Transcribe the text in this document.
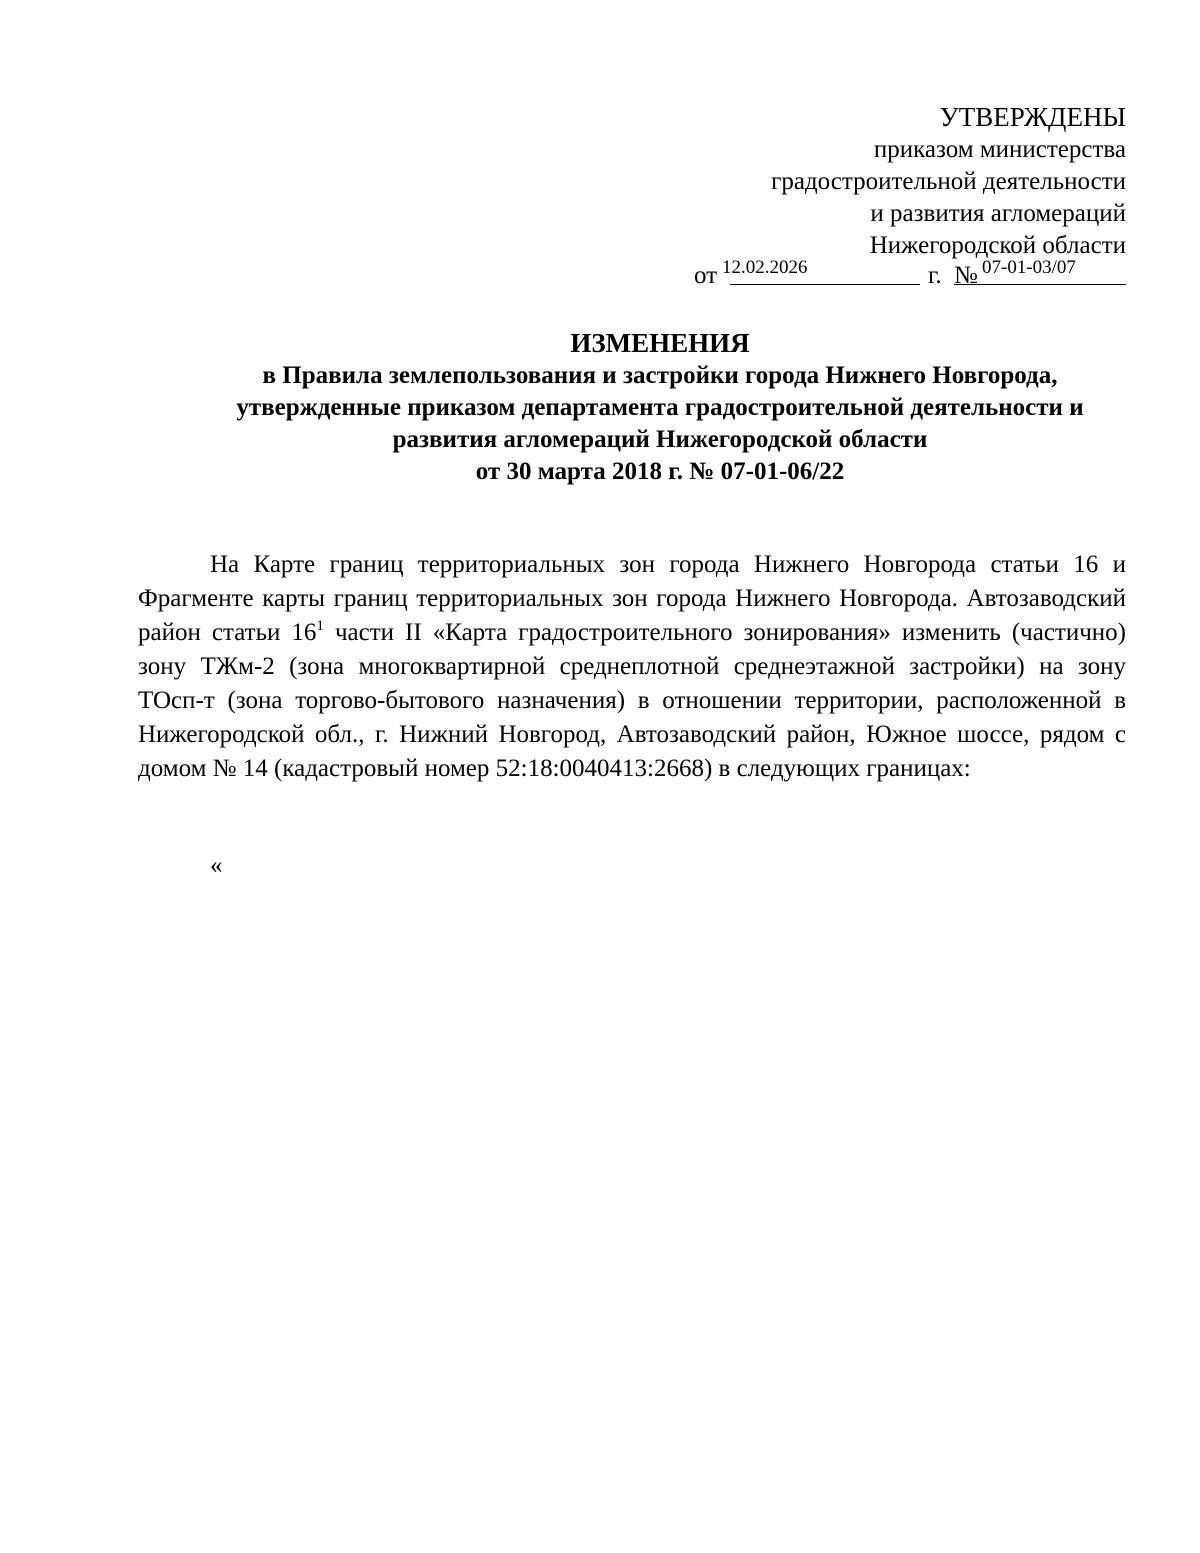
УТВЕРЖДЕНЫ
приказом министерства
градостроительной деятельности
и развития агломераций
Нижегородской области
от 12.02.2026	г. № 07-01-03/07
ИЗМЕНЕНИЯ
в Правила землепользования и застройки города Нижнего Новгорода,
утвержденные приказом департамента градостроительной деятельности и
развития агломераций Нижегородской области
от 30 марта 2018 г. № 07-01-06/22
На Карте границ территориальных зон города Нижнего Новгорода статьи 16 и Фрагменте карты границ территориальных зон города Нижнего Новгорода. Автозаводский район статьи $16^1$ части II «Карта градостроительного зонирования» изменить (частично) зону ТЖм-2 (зона многоквартирной среднеплотной среднеэтажной застройки) на зону ТОсп-т (зона торгово-бытового назначения) в отношении территории, расположенной в Нижегородской обл., г. Нижний Новгород, Автозаводский район, Южное шоссе, рядом с домом № 14 (кадастровый номер 52:18:0040413:2668) в следующих границах:
«
